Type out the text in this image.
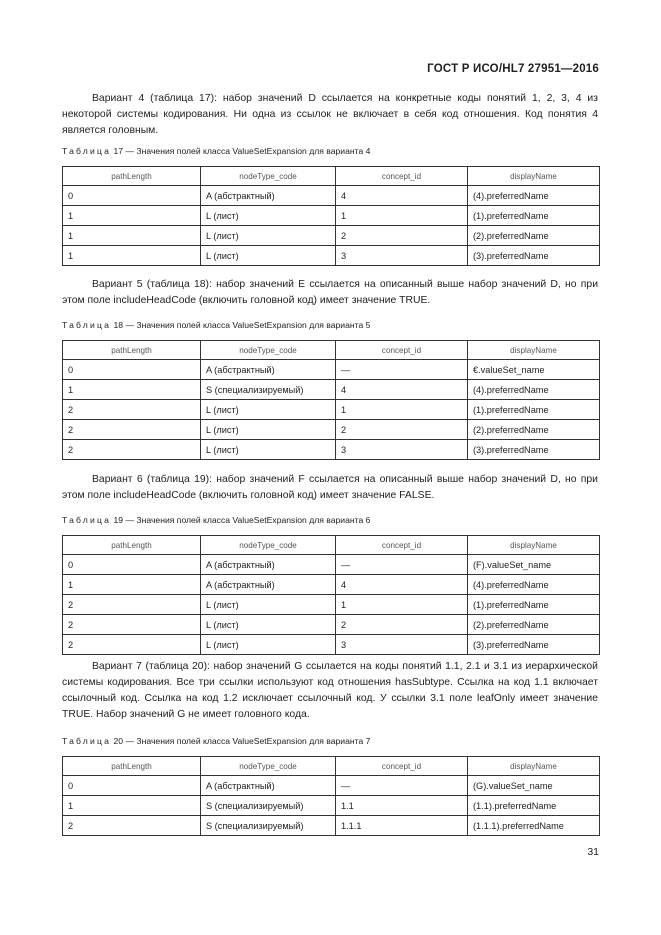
ГОСТ Р ИСО/HL7 27951—2016
Вариант 4 (таблица 17): набор значений D ссылается на конкретные коды понятий 1, 2, 3, 4 из некоторой системы кодирования. Ни одна из ссылок не включает в себя код отношения. Код понятия 4 является головным.
Таблица 17 — Значения полей класса ValueSetExpansion для варианта 4
pathLength	nodeType_code	concept_id	displayName
0	A (абстрактный)	4	(4).preferredName
1	L (лист)	1	(1).preferredName
1	L (лист)	2	(2).preferredName
1	L (лист)	3	(3).preferredName
Вариант 5 (таблица 18): набор значений E ссылается на описанный выше набор значений D, но при этом поле includeHeadCode (включить головной код) имеет значение TRUE.
Таблица 18 — Значения полей класса ValueSetExpansion для варианта 5
pathLength	nodeType_code	concept_id	displayName
0	A (абстрактный)	—	€.valueSet_name
1	S (специализируемый)	4	(4).preferredName
2	L (лист)	1	(1).preferredName
2	L (лист)	2	(2).preferredName
2	L (лист)	3	(3).preferredName
Вариант 6 (таблица 19): набор значений F ссылается на описанный выше набор значений D, но при этом поле includeHeadCode (включить головной код) имеет значение FALSE.
Таблица 19 — Значения полей класса ValueSetExpansion для варианта 6
pathLength	nodeType_code	concept_id	displayName
0	A (абстрактный)	—	(F).valueSet_name
1	A (абстрактный)	4	(4).preferredName
2	L (лист)	1	(1).preferredName
2	L (лист)	2	(2).preferredName
2	L (лист)	3	(3).preferredName
Вариант 7 (таблица 20): набор значений G ссылается на коды понятий 1.1, 2.1 и 3.1 из иерархической системы кодирования. Все три ссылки используют код отношения hasSubtype. Ссылка на код 1.1 включает ссылочный код. Ссылка на код 1.2 исключает ссылочный код. У ссылки 3.1 поле leafOnly имеет значение TRUE. Набор значений G не имеет головного кода.
Таблица 20 — Значения полей класса ValueSetExpansion для варианта 7
pathLength	nodeType_code	concept_id	displayName
0	A (абстрактный)	—	(G).valueSet_name
1	S (специализируемый)	1.1	(1.1).preferredName
2	S (специализируемый)	1.1.1	(1.1.1).preferredName
31
